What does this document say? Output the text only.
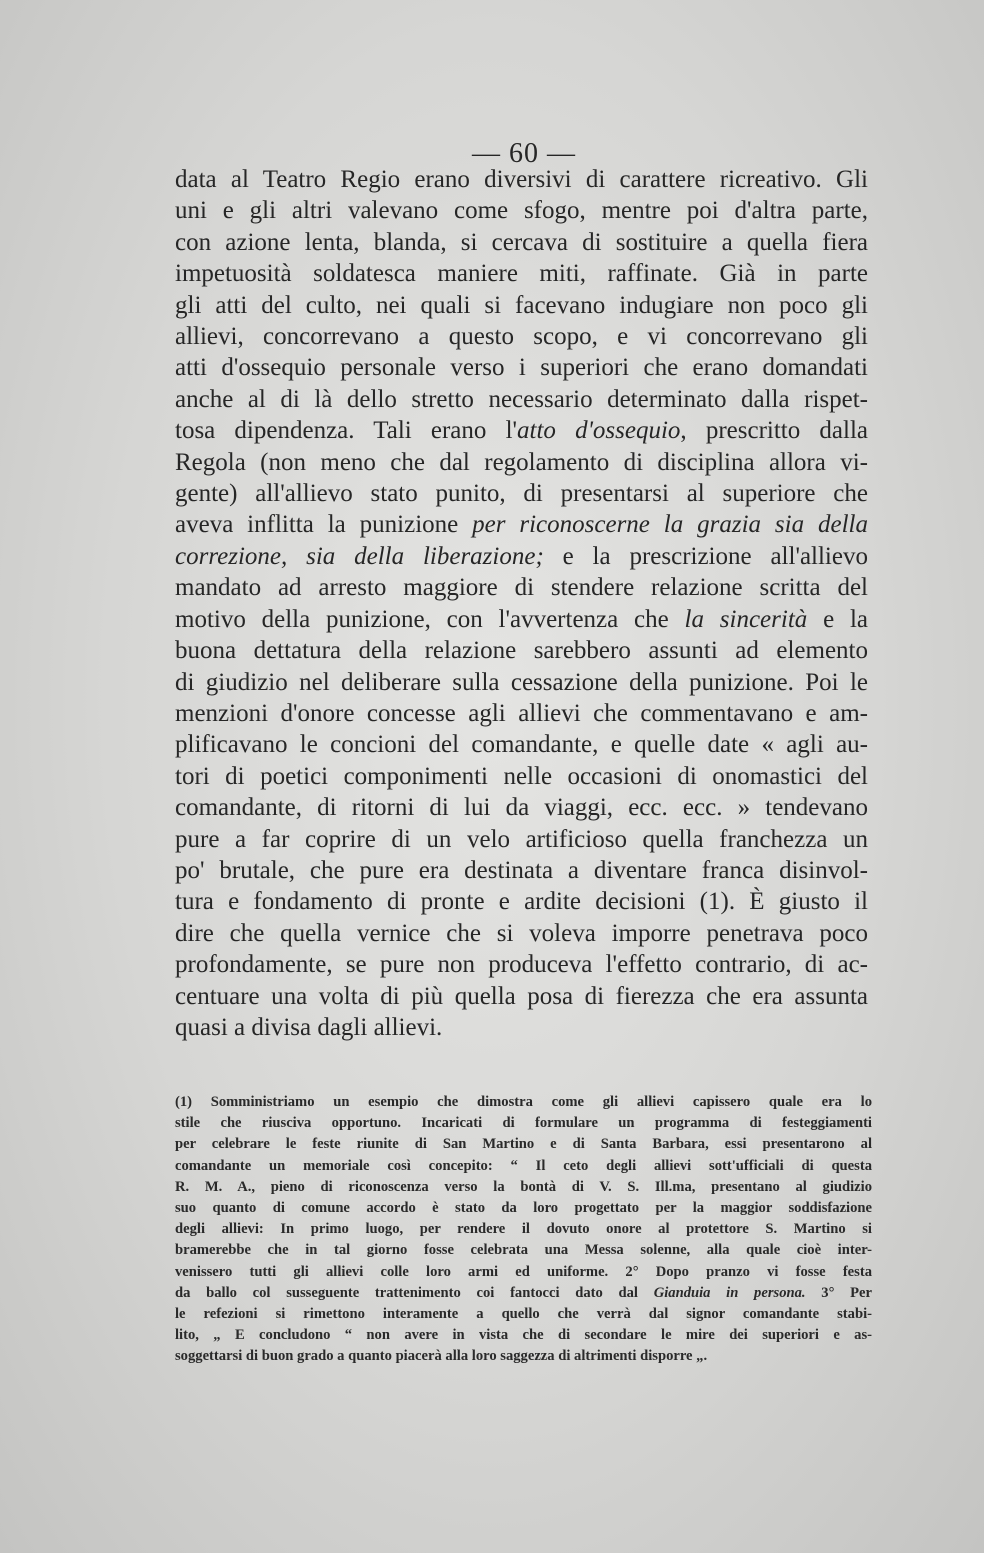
— 60 —
data al Teatro Regio erano diversivi di carattere ricreativo. Gli
uni e gli altri valevano come sfogo, mentre poi d'altra parte,
con azione lenta, blanda, si cercava di sostituire a quella fiera
impetuosità soldatesca maniere miti, raffinate. Già in parte
gli atti del culto, nei quali si facevano indugiare non poco gli
allievi, concorrevano a questo scopo, e vi concorrevano gli
atti d'ossequio personale verso i superiori che erano domandati
anche al di là dello stretto necessario determinato dalla rispet-
tosa dipendenza. Tali erano l'atto d'ossequio, prescritto dalla
Regola (non meno che dal regolamento di disciplina allora vi-
gente) all'allievo stato punito, di presentarsi al superiore che
aveva inflitta la punizione per riconoscerne la grazia sia della
correzione, sia della liberazione; e la prescrizione all'allievo
mandato ad arresto maggiore di stendere relazione scritta del
motivo della punizione, con l'avvertenza che la sincerità e la
buona dettatura della relazione sarebbero assunti ad elemento
di giudizio nel deliberare sulla cessazione della punizione. Poi le
menzioni d'onore concesse agli allievi che commentavano e am-
plificavano le concioni del comandante, e quelle date « agli au-
tori di poetici componimenti nelle occasioni di onomastici del
comandante, di ritorni di lui da viaggi, ecc. ecc. » tendevano
pure a far coprire di un velo artificioso quella franchezza un
po' brutale, che pure era destinata a diventare franca disinvol-
tura e fondamento di pronte e ardite decisioni (1). È giusto il
dire che quella vernice che si voleva imporre penetrava poco
profondamente, se pure non produceva l'effetto contrario, di ac-
centuare una volta di più quella posa di fierezza che era assunta
quasi a divisa dagli allievi.
(1) Somministriamo un esempio che dimostra come gli allievi capissero quale era lo
stile che riusciva opportuno. Incaricati di formulare un programma di festeggiamenti
per celebrare le feste riunite di San Martino e di Santa Barbara, essi presentarono al
comandante un memoriale così concepito: “ Il ceto degli allievi sott'ufficiali di questa
R. M. A., pieno di riconoscenza verso la bontà di V. S. Ill.ma, presentano al giudizio
suo quanto di comune accordo è stato da loro progettato per la maggior soddisfazione
degli allievi: In primo luogo, per rendere il dovuto onore al protettore S. Martino si
bramerebbe che in tal giorno fosse celebrata una Messa solenne, alla quale cioè inter-
venissero tutti gli allievi colle loro armi ed uniforme. 2° Dopo pranzo vi fosse festa
da ballo col susseguente trattenimento coi fantocci dato dal Gianduia in persona. 3° Per
le refezioni si rimettono interamente a quello che verrà dal signor comandante stabi-
lito, „ E concludono “ non avere in vista che di secondare le mire dei superiori e as-
soggettarsi di buon grado a quanto piacerà alla loro saggezza di altrimenti disporre „.
